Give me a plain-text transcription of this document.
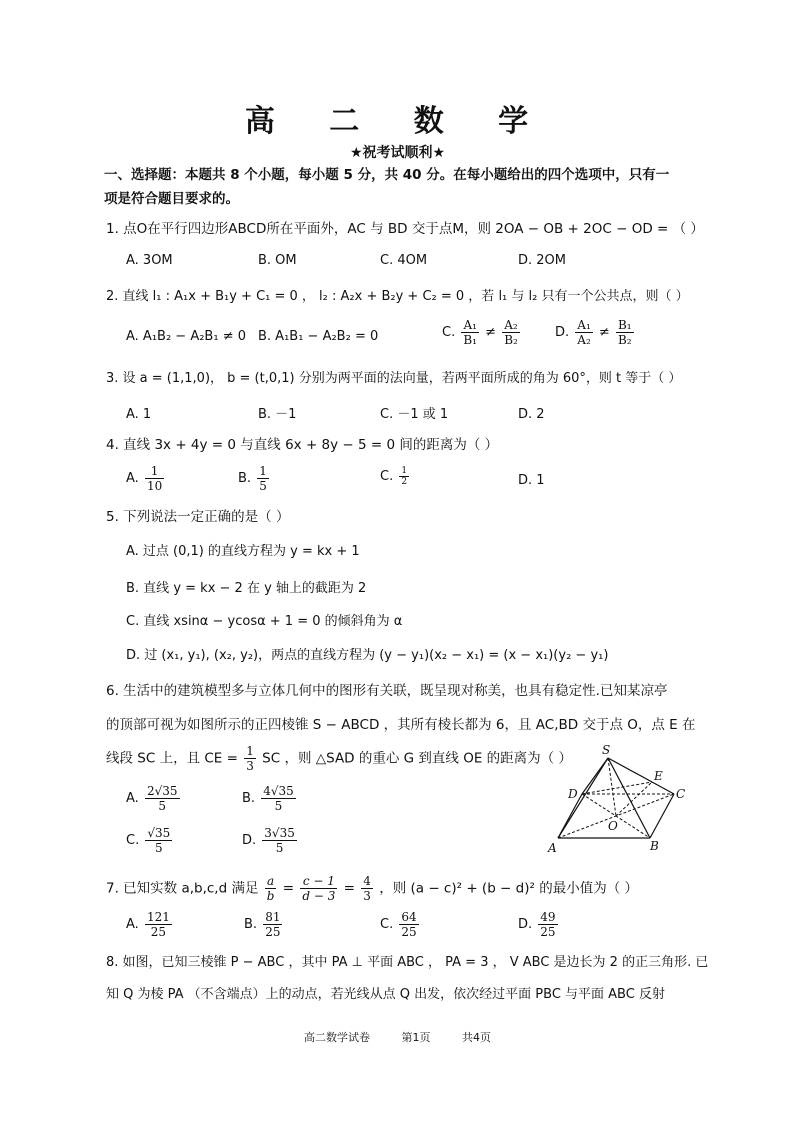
高 二 数 学
★祝考试顺利★
一、选择题：本题共 8 个小题，每小题 5 分，共 40 分。在每小题给出的四个选项中，只有一
项是符合题目要求的。
1. 点O在平行四边形ABCD所在平面外，AC 与 BD 交于点M，则 2OA − OB + 2OC − OD = （ ）
A. 3OM	B. OM	C. 4OM	D. 2OM
2. 直线 l₁ : A₁x + B₁y + C₁ = 0 ， l₂ : A₂x + B₂y + C₂ = 0 ，若 l₁ 与 l₂ 只有一个公共点，则（ ）
A. A₁B₂ − A₂B₁ ≠ 0 B. A₁B₁ − A₂B₂ = 0	C. $\frac{\text{A₁}}{\text{B₁}} \ne \frac{\text{A₂}}{\text{B₂}}$	D. $\frac{\text{A₁}}{\text{A₂}} \ne \frac{\text{B₁}}{\text{B₂}}$
3. 设 a = (1,1,0)， b = (t,0,1) 分别为两平面的法向量，若两平面所成的角为 60°，则 t 等于（ ）
A. 1	B. －1	C. －1 或 1	D. 2
4. 直线 3x + 4y = 0 与直线 6x + 8y − 5 = 0 间的距离为（ ）
A. $\frac{1}{10}$	B. $\frac{1}{5}$	C. $\frac{1}{2}$	D. 1
5. 下列说法一定正确的是（ ）
A. 过点 (0,1) 的直线方程为 y = kx + 1
B. 直线 y = kx − 2 在 y 轴上的截距为 2
C. 直线 xsinα − ycosα + 1 = 0 的倾斜角为 α
D. 过 (x₁, y₁), (x₂, y₂)，两点的直线方程为 (y − y₁)(x₂ − x₁) = (x − x₁)(y₂ − y₁)
6. 生活中的建筑模型多与立体几何中的图形有关联，既呈现对称美，也具有稳定性.已知某凉亭
的顶部可视为如图所示的正四棱锥 S − ABCD ，其所有棱长都为 6，且 AC,BD 交于点 O，点 E 在
线段 SC 上，且 CE = $\frac{1}{3}$ SC ，则 △SAD 的重心 G 到直线 OE 的距离为（ ）
A. $\frac{2√35}{5}$	B. $\frac{4√35}{5}$
C. $\frac{√35}{5}$	D. $\frac{3√35}{5}$
S
E
D	C
O
A	B
7. 已知实数 a,b,c,d 满足 $\frac{a}{b} = \frac{c - 1}{d - 3} = \frac{4}{3}$ ，则 (a − c)² + (b − d)² 的最小值为（ ）
A. $\frac{121}{25}$	B. $\frac{81}{25}$	C. $\frac{64}{25}$	D. $\frac{49}{25}$
8. 如图，已知三棱锥 P − ABC ，其中 PA ⊥ 平面 ABC ， PA = 3 ， V ABC 是边长为 2 的正三角形. 已
知 Q 为棱 PA （不含端点）上的动点，若光线从点 Q 出发，依次经过平面 PBC 与平面 ABC 反射
高二数学试卷	第1页	共4页
